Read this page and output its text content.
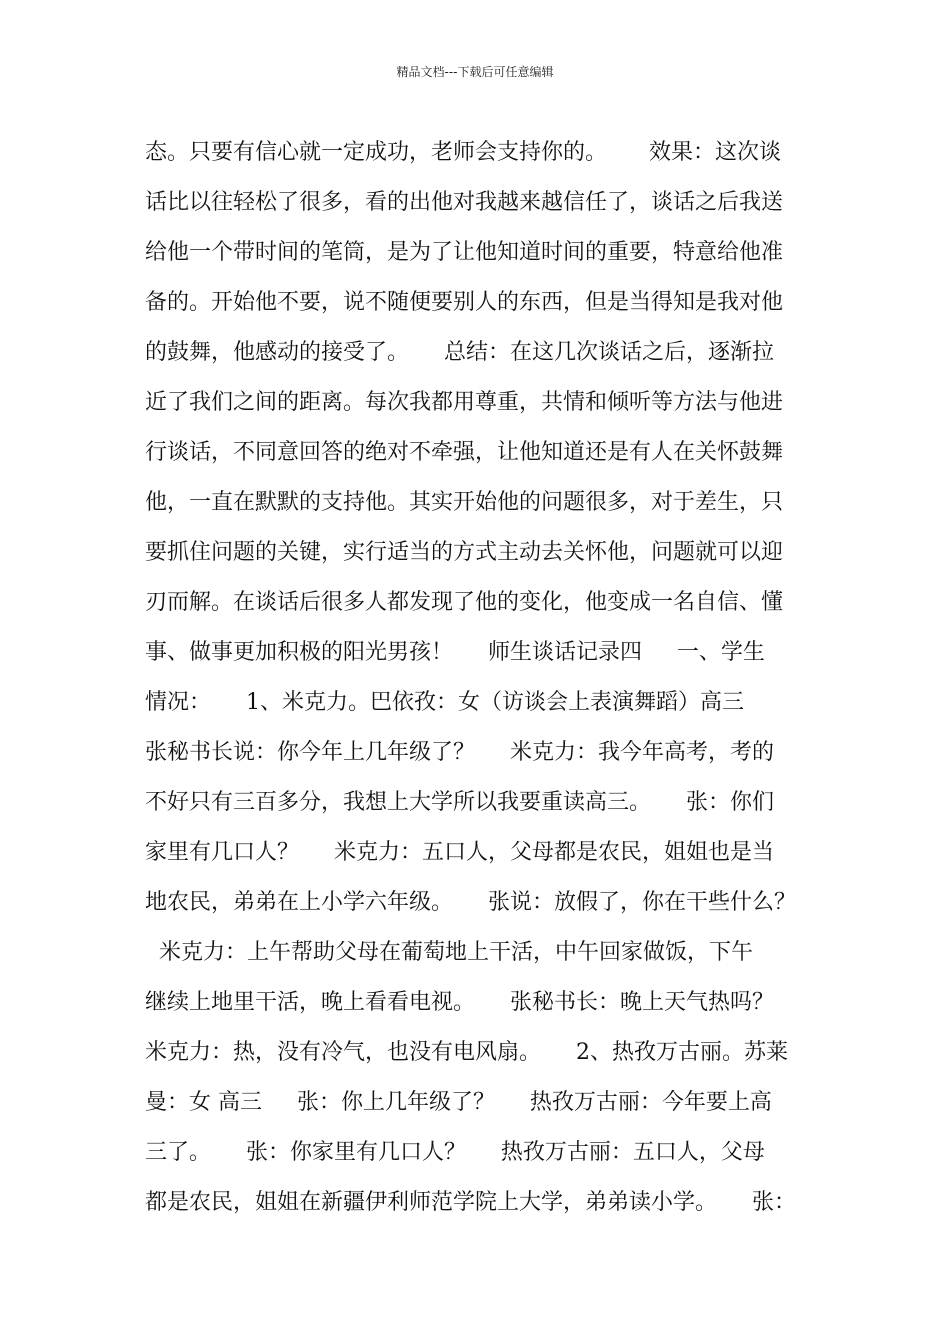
精品文档---下载后可任意编辑
态。只要有信心就一定成功，老师会支持你的。      效果：这次谈
话比以往轻松了很多，看的出他对我越来越信任了，谈话之后我送
给他一个带时间的笔筒，是为了让他知道时间的重要，特意给他准
备的。开始他不要，说不随便要别人的东西，但是当得知是我对他
的鼓舞，他感动的接受了。     总结：在这几次谈话之后，逐渐拉
近了我们之间的距离。每次我都用尊重，共情和倾听等方法与他进
行谈话，不同意回答的绝对不牵强，让他知道还是有人在关怀鼓舞
他，一直在默默的支持他。其实开始他的问题很多，对于差生，只
要抓住问题的关键，实行适当的方式主动去关怀他，问题就可以迎
刃而解。在谈话后很多人都发现了他的变化，他变成一名自信、懂
事、做事更加积极的阳光男孩！     师生谈话记录四     一、学生
情况：     1、米克力。巴依孜：女（访谈会上表演舞蹈）高三
张秘书长说：你今年上几年级了？     米克力：我今年高考，考的
不好只有三百多分，我想上大学所以我要重读高三。     张：你们
家里有几口人？     米克力：五口人，父母都是农民，姐姐也是当
地农民，弟弟在上小学六年级。     张说：放假了，你在干些什么？
米克力：上午帮助父母在葡萄地上干活，中午回家做饭，下午
继续上地里干活，晚上看看电视。     张秘书长：晚上天气热吗？
米克力：热，没有冷气，也没有电风扇。     2、热孜万古丽。苏莱
曼：女 高三     张：你上几年级了？     热孜万古丽：今年要上高
三了。     张：你家里有几口人？     热孜万古丽：五口人，父母
都是农民，姐姐在新疆伊利师范学院上大学，弟弟读小学。     张：
